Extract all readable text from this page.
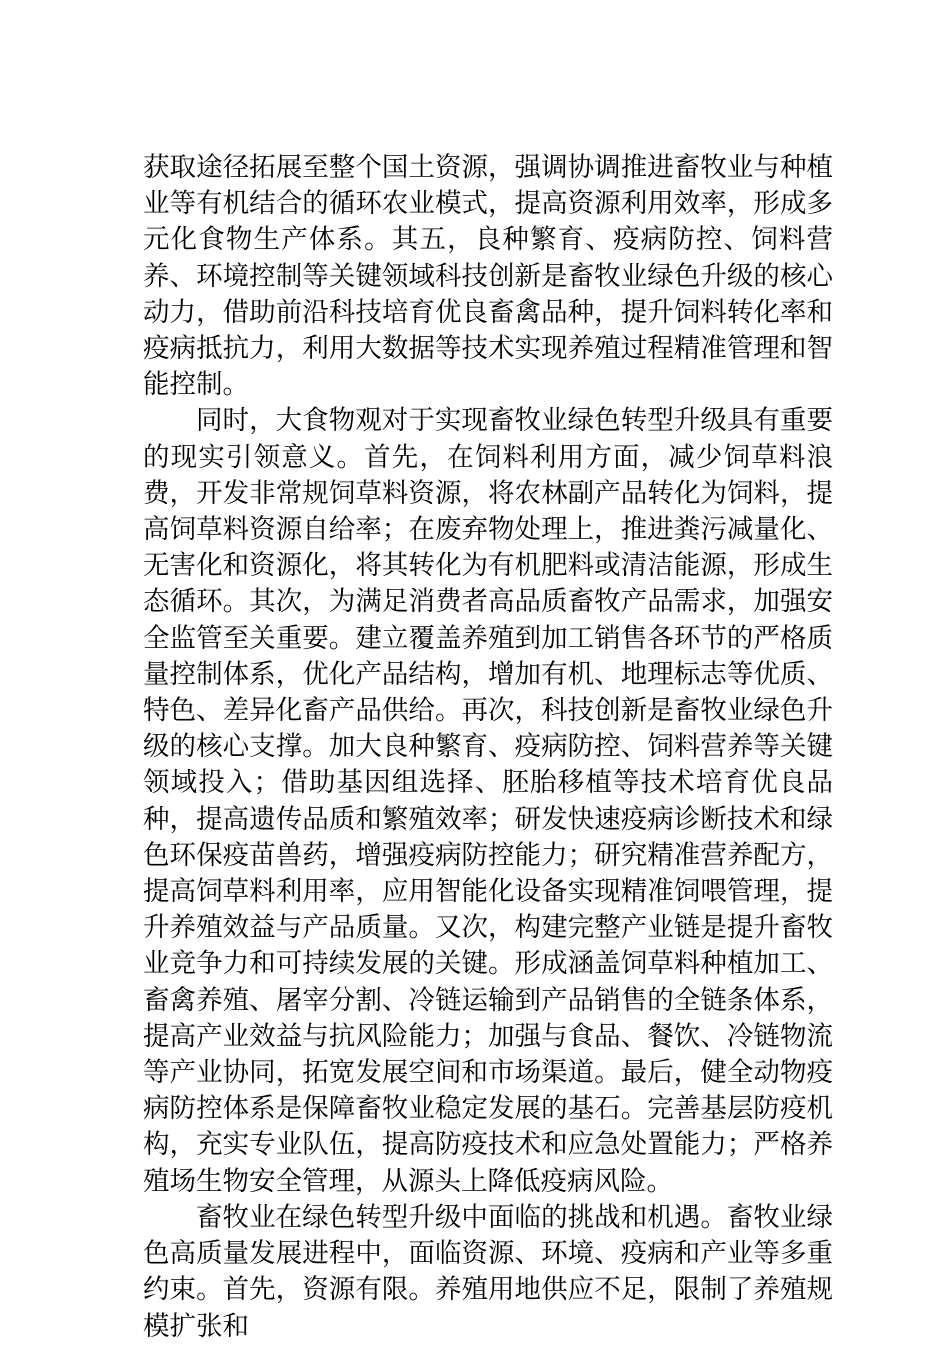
获取途径拓展至整个国土资源，强调协调推进畜牧业与种植业等有机结合的循环农业模式，提高资源利用效率，形成多元化食物生产体系。其五，良种繁育、疫病防控、饲料营养、环境控制等关键领域科技创新是畜牧业绿色升级的核心动力，借助前沿科技培育优良畜禽品种，提升饲料转化率和疫病抵抗力，利用大数据等技术实现养殖过程精准管理和智能控制。

同时，大食物观对于实现畜牧业绿色转型升级具有重要的现实引领意义。首先，在饲料利用方面，减少饲草料浪费，开发非常规饲草料资源，将农林副产品转化为饲料，提高饲草料资源自给率；在废弃物处理上，推进粪污减量化、无害化和资源化，将其转化为有机肥料或清洁能源，形成生态循环。其次，为满足消费者高品质畜牧产品需求，加强安全监管至关重要。建立覆盖养殖到加工销售各环节的严格质量控制体系，优化产品结构，增加有机、地理标志等优质、特色、差异化畜产品供给。再次，科技创新是畜牧业绿色升级的核心支撑。加大良种繁育、疫病防控、饲料营养等关键领域投入；借助基因组选择、胚胎移植等技术培育优良品种，提高遗传品质和繁殖效率；研发快速疫病诊断技术和绿色环保疫苗兽药，增强疫病防控能力；研究精准营养配方，提高饲草料利用率，应用智能化设备实现精准饲喂管理，提升养殖效益与产品质量。又次，构建完整产业链是提升畜牧业竞争力和可持续发展的关键。形成涵盖饲草料种植加工、畜禽养殖、屠宰分割、冷链运输到产品销售的全链条体系，提高产业效益与抗风险能力；加强与食品、餐饮、冷链物流等产业协同，拓宽发展空间和市场渠道。最后，健全动物疫病防控体系是保障畜牧业稳定发展的基石。完善基层防疫机构，充实专业队伍，提高防疫技术和应急处置能力；严格养殖场生物安全管理，从源头上降低疫病风险。

畜牧业在绿色转型升级中面临的挑战和机遇。畜牧业绿色高质量发展进程中，面临资源、环境、疫病和产业等多重约束。首先，资源有限。养殖用地供应不足，限制了养殖规模扩张和
